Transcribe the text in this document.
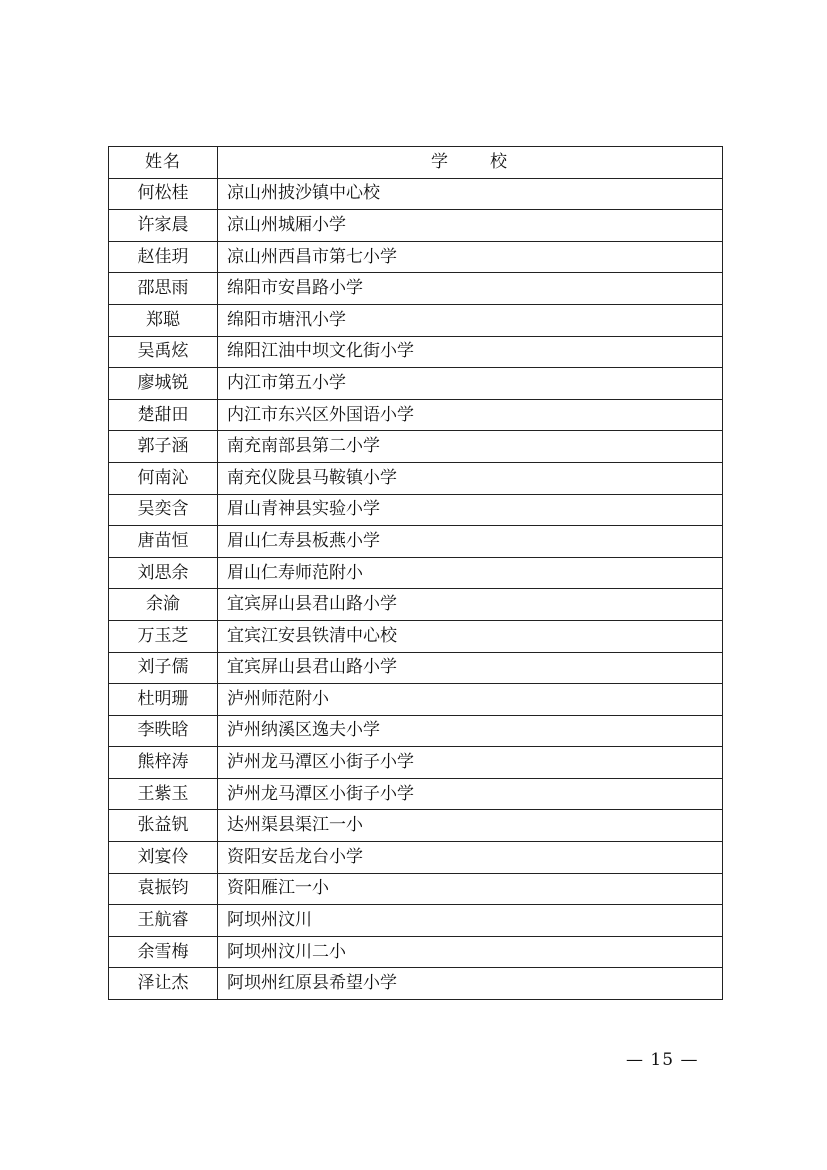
姓名	学 校
何松桂	凉山州披沙镇中心校
许家晨	凉山州城厢小学
赵佳玥	凉山州西昌市第七小学
邵思雨	绵阳市安昌路小学
郑聪	绵阳市塘汛小学
吴禹炫	绵阳江油中坝文化街小学
廖城锐	内江市第五小学
楚甜田	内江市东兴区外国语小学
郭子涵	南充南部县第二小学
何南沁	南充仪陇县马鞍镇小学
吴奕含	眉山青神县实验小学
唐苗恒	眉山仁寿县板燕小学
刘思余	眉山仁寿师范附小
余渝	宜宾屏山县君山路小学
万玉芝	宜宾江安县铁清中心校
刘子儒	宜宾屏山县君山路小学
杜明珊	泸州师范附小
李昳晗	泸州纳溪区逸夫小学
熊梓涛	泸州龙马潭区小街子小学
王紫玉	泸州龙马潭区小街子小学
张益钒	达州渠县渠江一小
刘宴伶	资阳安岳龙台小学
袁振钧	资阳雁江一小
王航睿	阿坝州汶川
余雪梅	阿坝州汶川二小
泽让杰	阿坝州红原县希望小学
— 15 —
